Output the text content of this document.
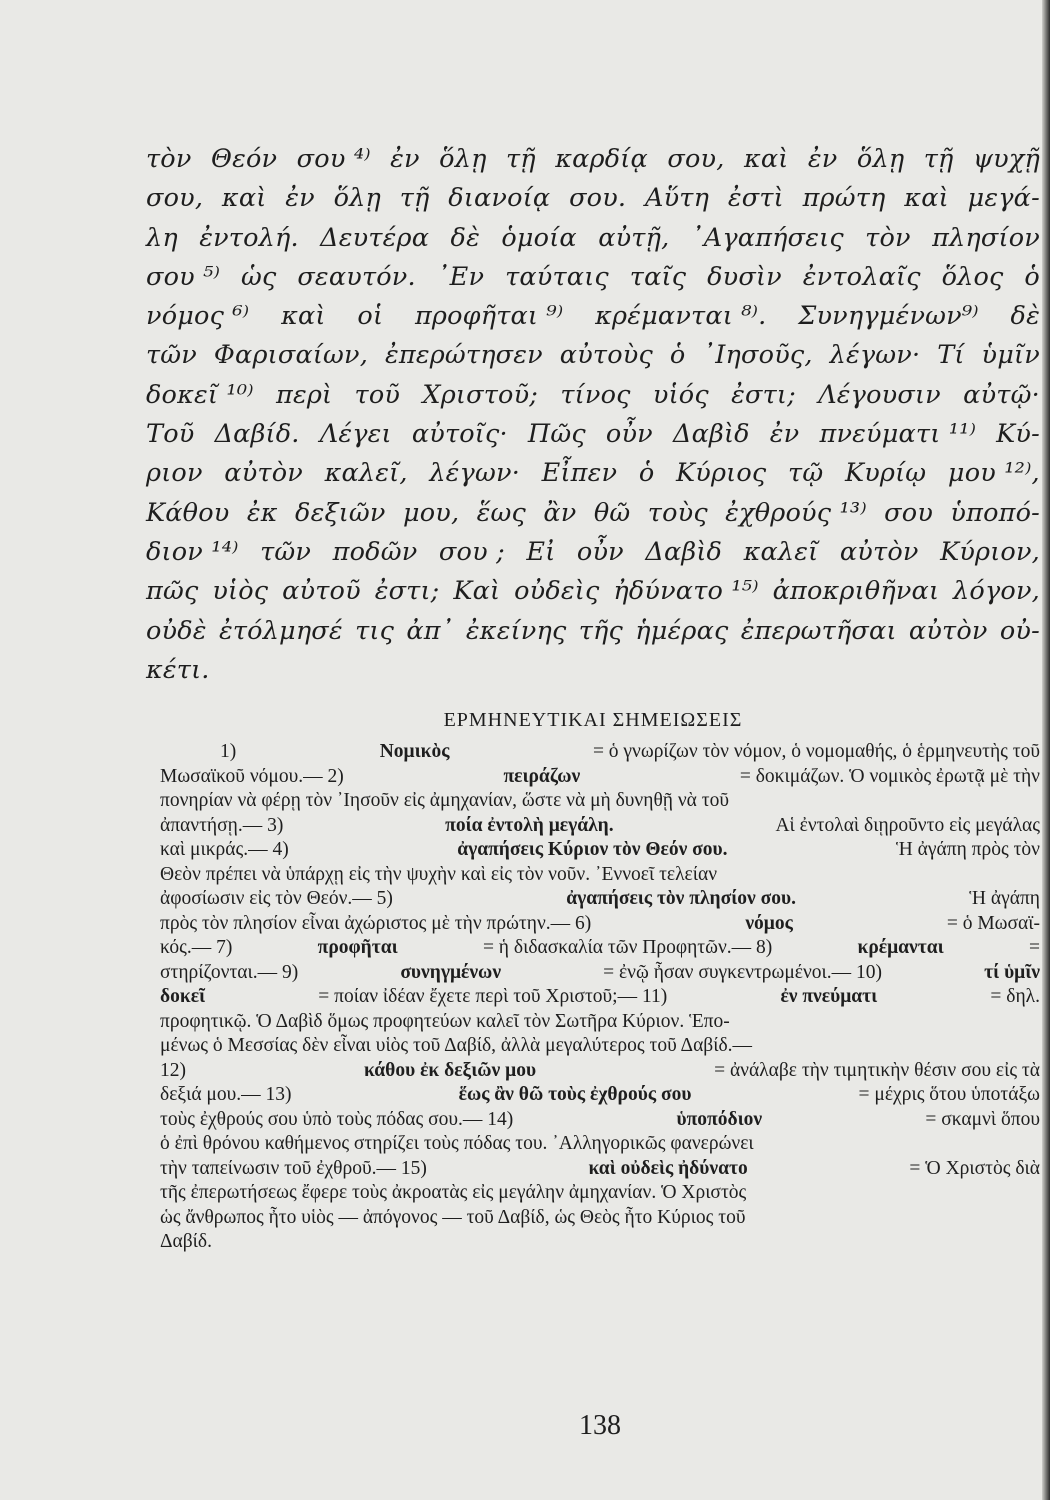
τὸν Θεόν σου ⁴⁾ ἐν ὅλῃ τῇ καρδίᾳ σου, καὶ ἐν ὅλῃ τῇ ψυχῇ
σου, καὶ ἐν ὅλῃ τῇ διανοίᾳ σου. Αὕτη ἐστὶ πρώτη καὶ μεγά-
λη ἐντολή. Δευτέρα δὲ ὁμοία αὐτῇ, ᾿Αγαπήσεις τὸν πλησίον
σου ⁵⁾ ὡς σεαυτόν. ᾿Εν ταύταις ταῖς δυσὶν ἐντολαῖς ὅλος ὁ
νόμος ⁶⁾ καὶ οἱ προφῆται ⁹⁾ κρέμανται ⁸⁾. Συνηγμένων⁹⁾ δὲ
τῶν Φαρισαίων, ἐπερώτησεν αὐτοὺς ὁ ᾿Ιησοῦς, λέγων· Τί ὑμῖν
δοκεῖ ¹⁰⁾ περὶ τοῦ Χριστοῦ; τίνος υἱός ἐστι; Λέγουσιν αὐτῷ·
Τοῦ Δαβίδ. Λέγει αὐτοῖς· Πῶς οὖν Δαβὶδ ἐν πνεύματι ¹¹⁾ Κύ-
ριον αὐτὸν καλεῖ, λέγων· Εἶπεν ὁ Κύριος τῷ Κυρίῳ μου ¹²⁾,
Κάθου ἐκ δεξιῶν μου, ἕως ἂν θῶ τοὺς ἐχθρούς ¹³⁾ σου ὑποπό-
διον ¹⁴⁾ τῶν ποδῶν σου ; Εἰ οὖν Δαβὶδ καλεῖ αὐτὸν Κύριον,
πῶς υἱὸς αὐτοῦ ἐστι; Καὶ οὐδεὶς ἠδύνατο ¹⁵⁾ ἀποκριθῆναι λόγον,
οὐδὲ ἐτόλμησέ τις ἀπ᾿ ἐκείνης τῆς ἡμέρας ἐπερωτῆσαι αὐτὸν οὐ-
κέτι.
ΕΡΜΗΝΕΥΤΙΚΑΙ ΣΗΜΕΙΩΣΕΙΣ
1)	Νομικὸς	= ὁ γνωρίζων τὸν νόμον, ὁ νομομαθής, ὁ ἑρμηνευτὴς τοῦ
Μωσαϊκοῦ νόμου.— 2)	πειράζων	= δοκιμάζων. Ὁ νομικὸς ἐρωτᾷ μὲ τὴν
πονηρίαν νὰ φέρῃ τὸν ᾿Ιησοῦν εἰς ἀμηχανίαν, ὥστε νὰ μὴ δυνηθῇ νὰ τοῦ
ἀπαντήσῃ.— 3)	ποία ἐντολὴ μεγάλη.	Αἱ ἐντολαὶ διῃροῦντο εἰς μεγάλας
καὶ μικράς.— 4)	ἀγαπήσεις Κύριον τὸν Θεόν σου.	Ἡ ἀγάπη πρὸς τὸν
Θεὸν πρέπει νὰ ὑπάρχῃ εἰς τὴν ψυχὴν καὶ εἰς τὸν νοῦν. ᾿Εννοεῖ τελείαν
ἀφοσίωσιν εἰς τὸν Θεόν.— 5)	ἀγαπήσεις τὸν πλησίον σου.	Ἡ ἀγάπη
πρὸς τὸν πλησίον εἶναι ἀχώριστος μὲ τὴν πρώτην.— 6)	νόμος	= ὁ Μωσαϊ-
κός.— 7)	προφῆται	= ἡ διδασκαλία τῶν Προφητῶν.— 8)	κρέμανται	=
στηρίζονται.— 9)	συνηγμένων	= ἐνῷ ἦσαν συγκεντρωμένοι.— 10)	τί ὑμῖν
δοκεῖ	= ποίαν ἰδέαν ἔχετε περὶ τοῦ Χριστοῦ;— 11)	ἐν πνεύματι	= δηλ.
προφητικῷ. Ὁ Δαβὶδ ὅμως προφητεύων καλεῖ τὸν Σωτῆρα Κύριον. Ἑπο-
μένως ὁ Μεσσίας δὲν εἶναι υἱὸς τοῦ Δαβίδ, ἀλλὰ μεγαλύτερος τοῦ Δαβίδ.—
12)	κάθου ἐκ δεξιῶν μου	= ἀνάλαβε τὴν τιμητικὴν θέσιν σου εἰς τὰ
δεξιά μου.— 13)	ἕως ἂν θῶ τοὺς ἐχθρούς σου	= μέχρις ὅτου ὑποτάξω
τοὺς ἐχθρούς σου ὑπὸ τοὺς πόδας σου.— 14)	ὑποπόδιον	= σκαμνὶ ὅπου
ὁ ἐπὶ θρόνου καθήμενος στηρίζει τοὺς πόδας του. ᾿Αλληγορικῶς φανερώνει
τὴν ταπείνωσιν τοῦ ἐχθροῦ.— 15)	καὶ οὐδεὶς ἠδύνατο	= Ὁ Χριστὸς διὰ
τῆς ἐπερωτήσεως ἔφερε τοὺς ἀκροατὰς εἰς μεγάλην ἀμηχανίαν. Ὁ Χριστὸς
ὡς ἄνθρωπος ἦτο υἱὸς — ἀπόγονος — τοῦ Δαβίδ, ὡς Θεὸς ἦτο Κύριος τοῦ
Δαβίδ.
138
